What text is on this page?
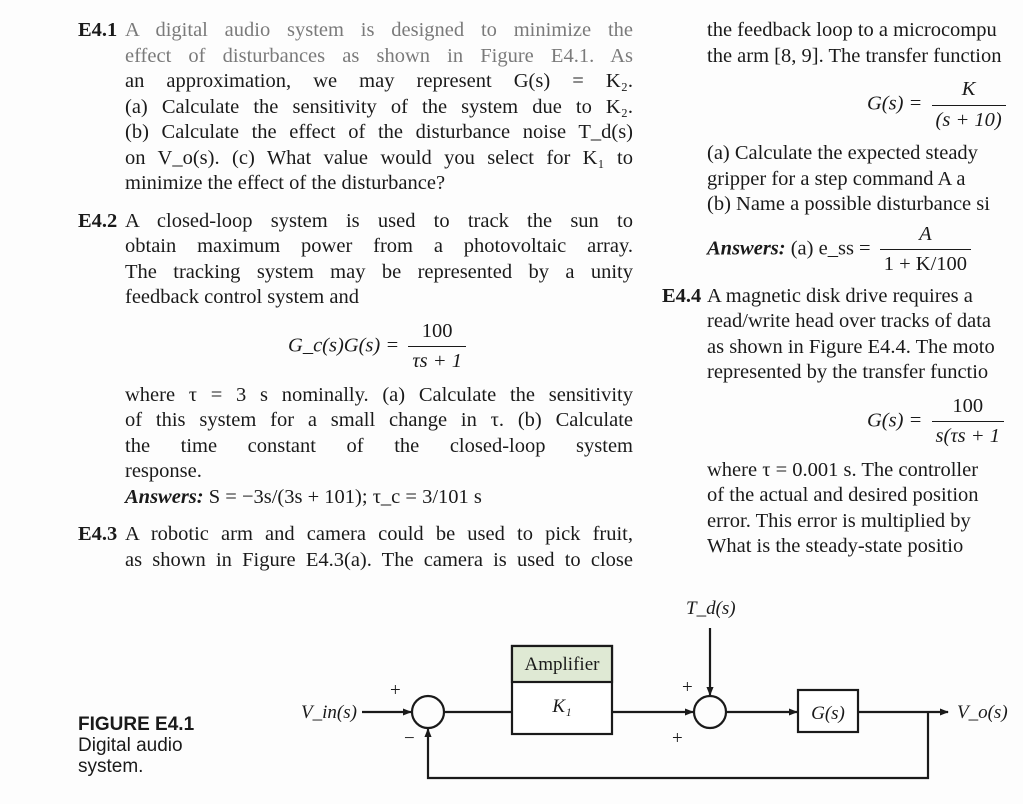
E4.1 A digital audio system is designed to minimize the
effect of disturbances as shown in Figure E4.1. As
an approximation, we may represent G(s) = K₂.
(a) Calculate the sensitivity of the system due to K₂.
(b) Calculate the effect of the disturbance noise T_d(s)
on V_o(s). (c) What value would you select for K₁ to
minimize the effect of the disturbance?
E4.2 A closed-loop system is used to track the sun to
obtain maximum power from a photovoltaic array.
The tracking system may be represented by a unity
feedback control system and
G_c(s)G(s) = $\frac{100}{\tau s + 1}$
where τ = 3 s nominally. (a) Calculate the sensitivity
of this system for a small change in τ. (b) Calculate
the time constant of the closed-loop system
response.
Answers: S = −3s/(3s + 101); τ_c = 3/101 s
E4.3 A robotic arm and camera could be used to pick fruit,
as shown in Figure E4.3(a). The camera is used to close
the feedback loop to a microcompu
the arm [8, 9]. The transfer function
$G(s) = \frac{K}{(s + 10)}$
(a) Calculate the expected steady
gripper for a step command A a
(b) Name a possible disturbance si
Answers: (a) e_ss = $\frac{A}{1 + K/100}$
E4.4 A magnetic disk drive requires a
read/write head over tracks of data
as shown in Figure E4.4. The moto
represented by the transfer functio
$G(s) = \frac{100}{s(\tau s + 1}$
where τ = 0.001 s. The controller
of the actual and desired position
error. This error is multiplied by
What is the steady-state positio
FIGURE E4.1
Digital audio
system.
V_in(s)
+
−
Amplifier
K₁
T_d(s)
+
+
G(s)	V_o(s)
